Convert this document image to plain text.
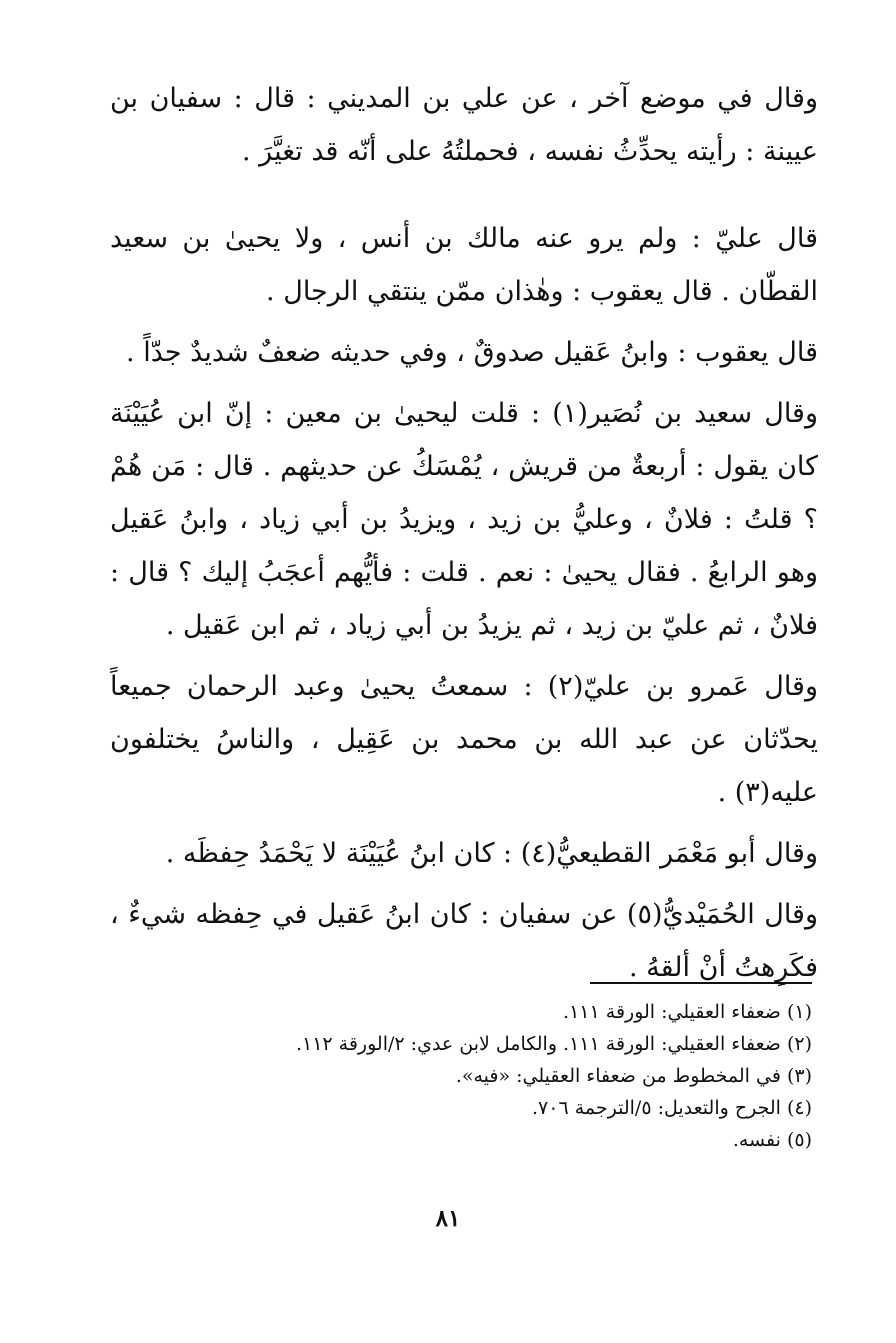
وقال في موضع آخر ، عن علي بن المديني : قال : سفيان بن عيينة : رأيته يحدِّثُ نفسه ، فحملتُهُ على أنّه قد تغيَّرَ .

قال عليّ : ولم يرو عنه مالك بن أنس ، ولا يحيىٰ بن سعيد القطّان . قال يعقوب : وهٰذان ممّن ينتقي الرجال .

قال يعقوب : وابنُ عَقيل صدوقٌ ، وفي حديثه ضعفٌ شديدٌ جدّاً .

وقال سعيد بن نُصَير(١) : قلت ليحيىٰ بن معين : إنّ ابن عُيَيْنَة كان يقول : أربعةٌ من قريش ، يُمْسَكُ عن حديثهم . قال : مَن هُمْ ؟ قلتُ : فلانٌ ، وعليُّ بن زيد ، ويزيدُ بن أبي زياد ، وابنُ عَقيل وهو الرابعُ . فقال يحيىٰ : نعم . قلت : فأيُّهم أعجَبُ إليك ؟ قال : فلانٌ ، ثم عليّ بن زيد ، ثم يزيدُ بن أبي زياد ، ثم ابن عَقيل .

وقال عَمرو بن عليّ(٢) : سمعتُ يحيىٰ وعبد الرحمان جميعاً يحدّثان عن عبد الله بن محمد بن عَقِيل ، والناسُ يختلفون عليه(٣) .

وقال أبو مَعْمَر القطيعيُّ(٤) : كان ابنُ عُيَيْنَة لا يَحْمَدُ حِفظَه .

وقال الحُمَيْديُّ(٥) عن سفيان : كان ابنُ عَقيل في حِفظه شيءٌ ، فكَرِهتُ أنْ ألقهُ .

(١) ضعفاء العقيلي: الورقة ١١١.
(٢) ضعفاء العقيلي: الورقة ١١١. والكامل لابن عدي: ٢/الورقة ١١٢.
(٣) في المخطوط من ضعفاء العقيلي: «فيه».
(٤) الجرح والتعديل: ٥/الترجمة ٧٠٦.
(٥) نفسه.
٨١
